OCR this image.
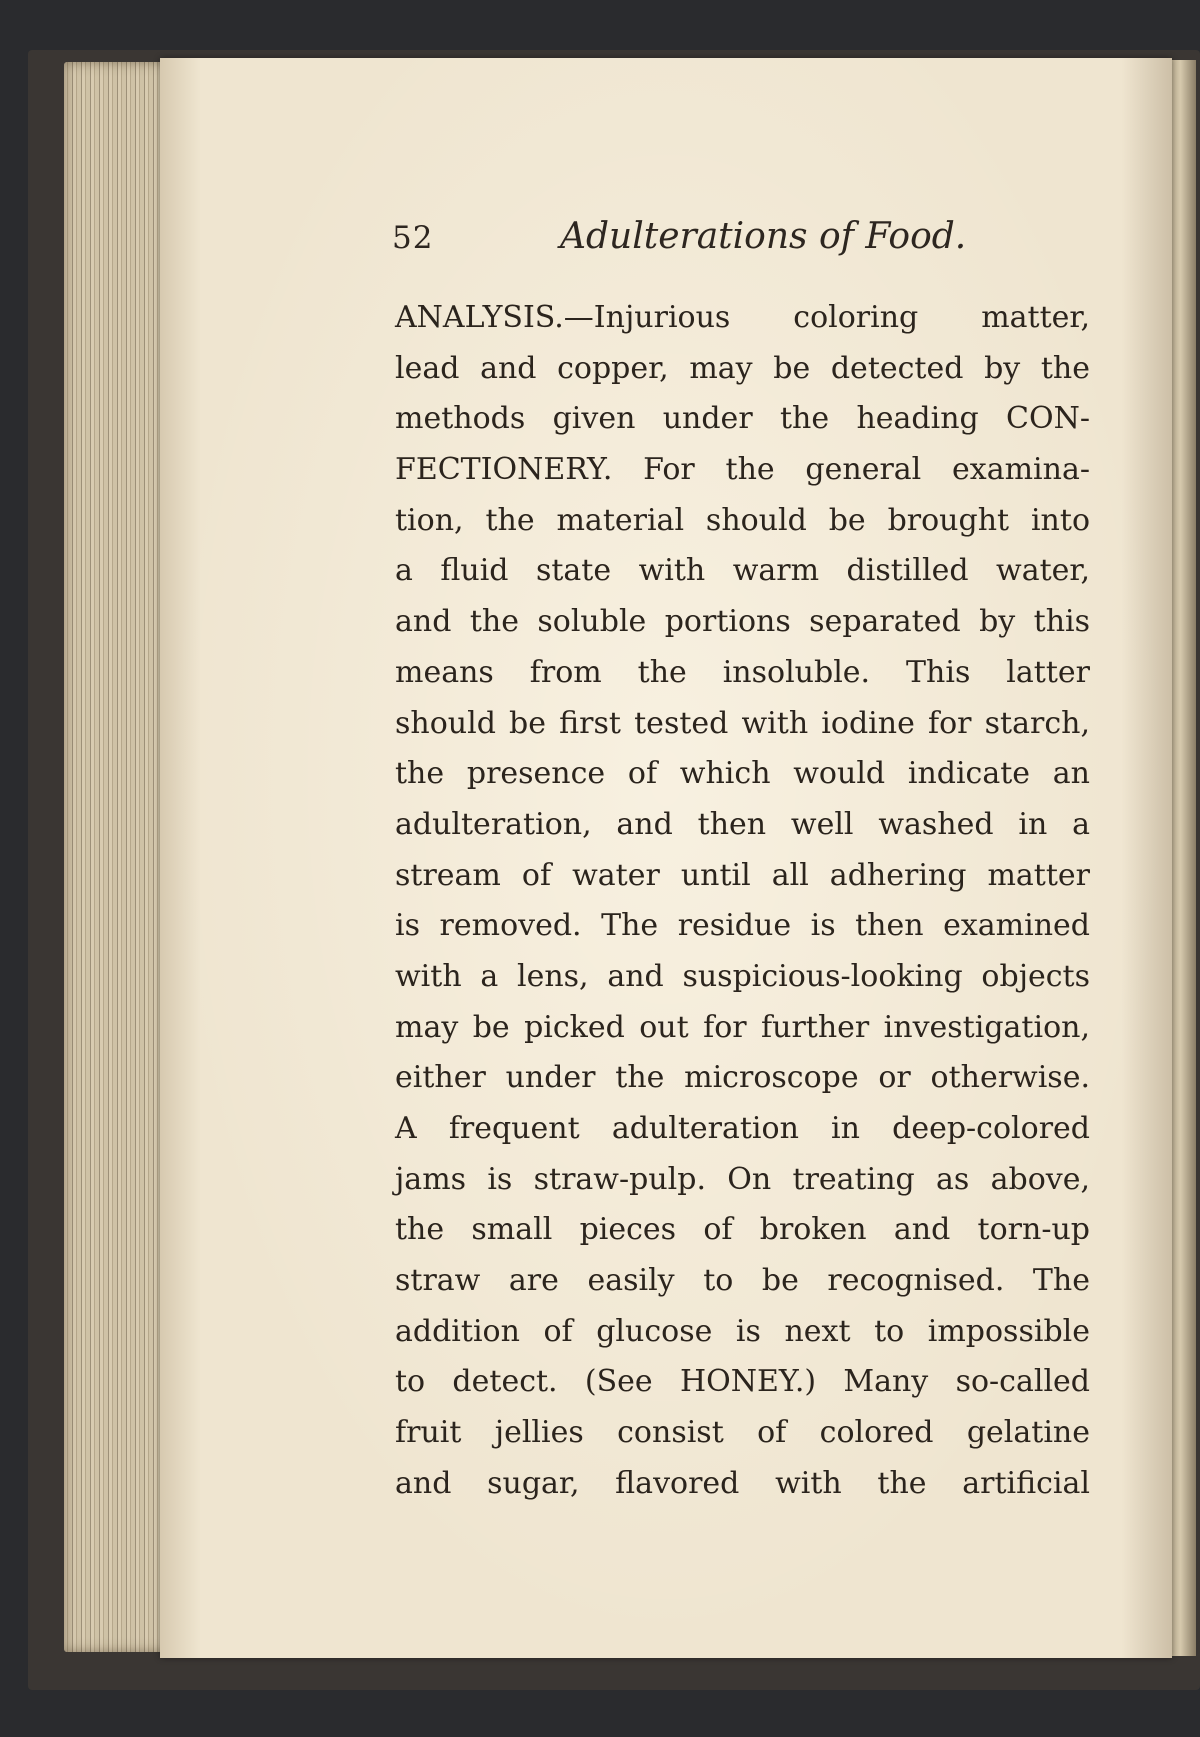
52	Adulterations of Food.
ANALYSIS.—Injurious coloring matter,
lead and copper, may be detected by the
methods given under the heading CON-
FECTIONERY. For the general examina-
tion, the material should be brought into
a fluid state with warm distilled water,
and the soluble portions separated by this
means from the insoluble. This latter
should be first tested with iodine for starch,
the presence of which would indicate an
adulteration, and then well washed in a
stream of water until all adhering matter
is removed. The residue is then examined
with a lens, and suspicious-looking objects
may be picked out for further investigation,
either under the microscope or otherwise.
A frequent adulteration in deep-colored
jams is straw-pulp. On treating as above,
the small pieces of broken and torn-up
straw are easily to be recognised. The
addition of glucose is next to impossible
to detect. (See HONEY.) Many so-called
fruit jellies consist of colored gelatine
and sugar, flavored with the artificial
